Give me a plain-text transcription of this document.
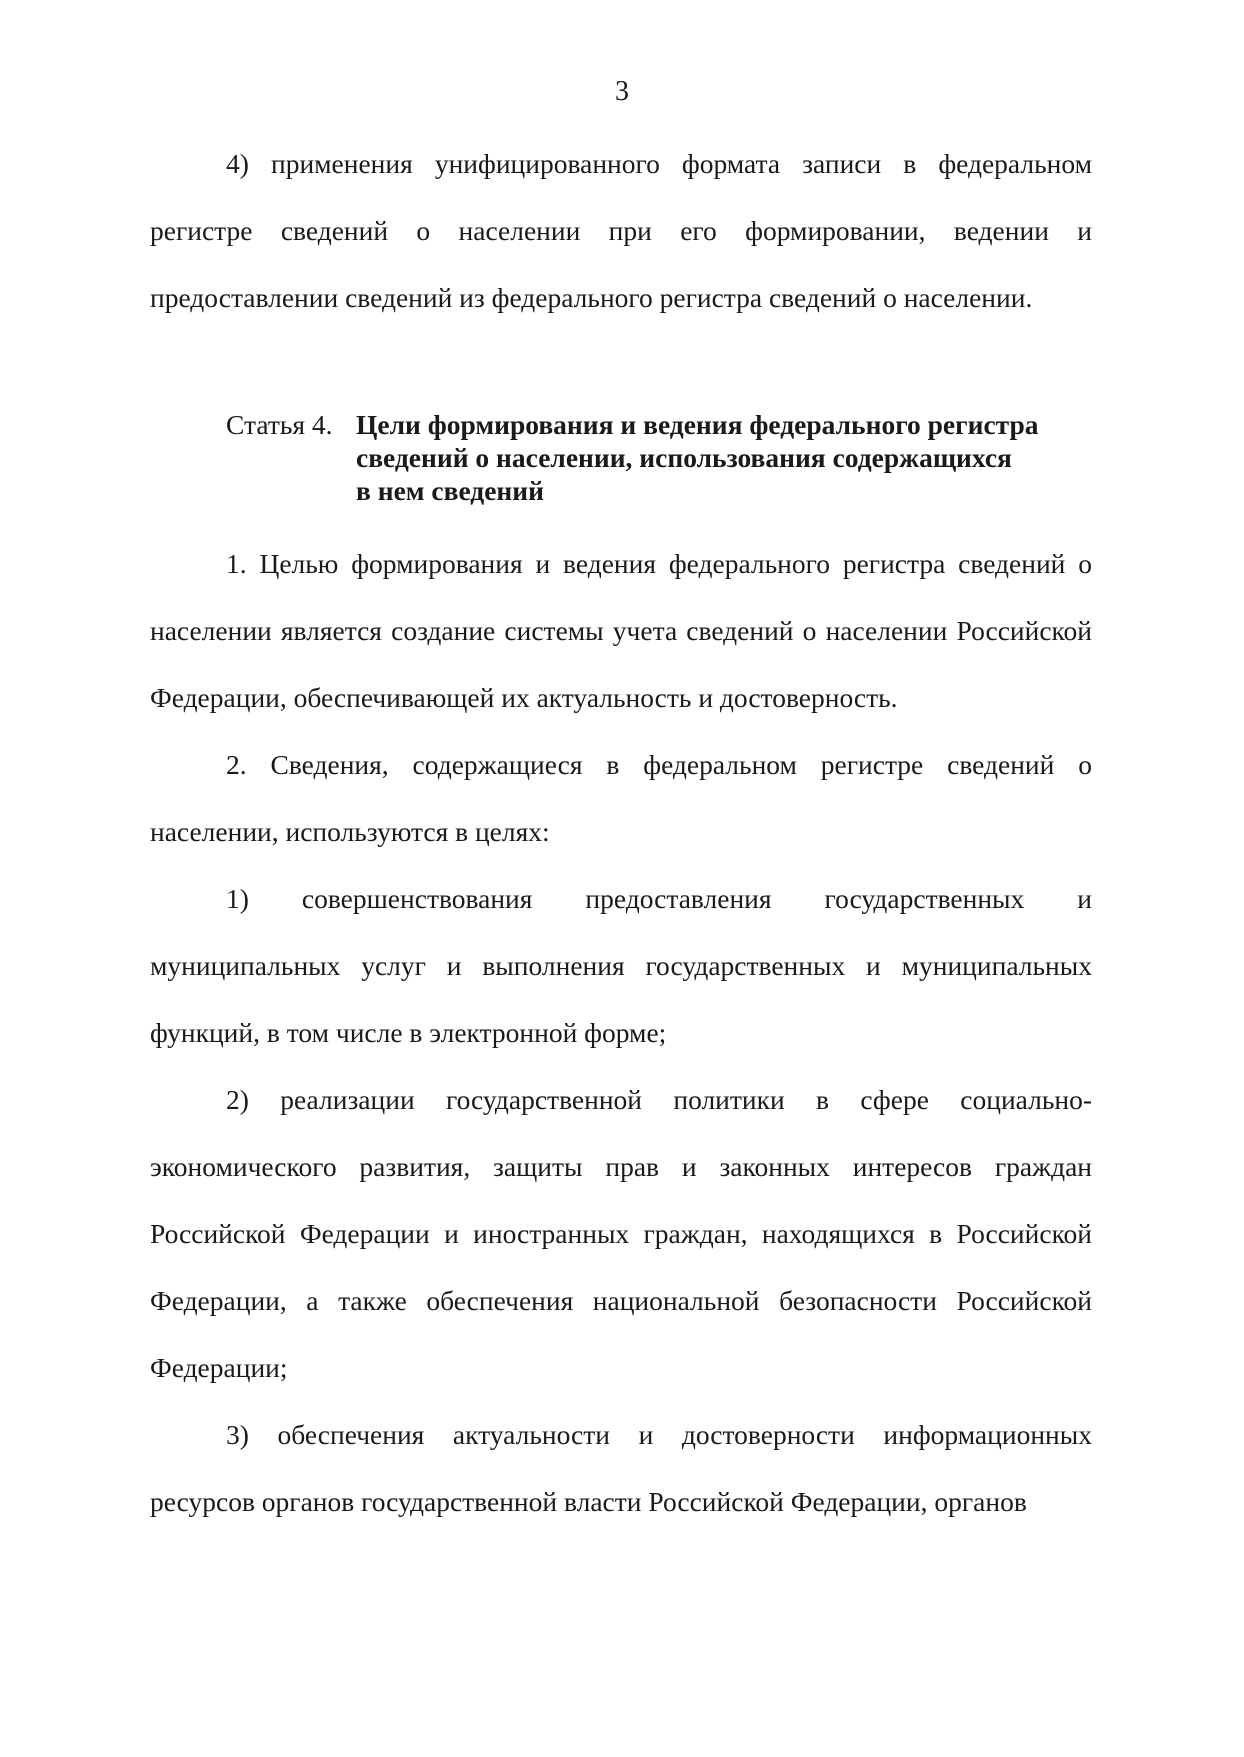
3

4) применения унифицированного формата записи в федеральном регистре сведений о населении при его формировании, ведении и предоставлении сведений из федерального регистра сведений о населении.

Статья 4. Цели формирования и ведения федерального регистра
сведений о населении, использования содержащихся
в нем сведений

1. Целью формирования и ведения федерального регистра сведений о населении является создание системы учета сведений о населении Российской Федерации, обеспечивающей их актуальность и достоверность.

2. Сведения, содержащиеся в федеральном регистре сведений о населении, используются в целях:

1) совершенствования предоставления государственных и муниципальных услуг и выполнения государственных и муниципальных функций, в том числе в электронной форме;

2) реализации государственной политики в сфере социально-экономического развития, защиты прав и законных интересов граждан Российской Федерации и иностранных граждан, находящихся в Российской Федерации, а также обеспечения национальной безопасности Российской Федерации;

3) обеспечения актуальности и достоверности информационных ресурсов органов государственной власти Российской Федерации, органов
